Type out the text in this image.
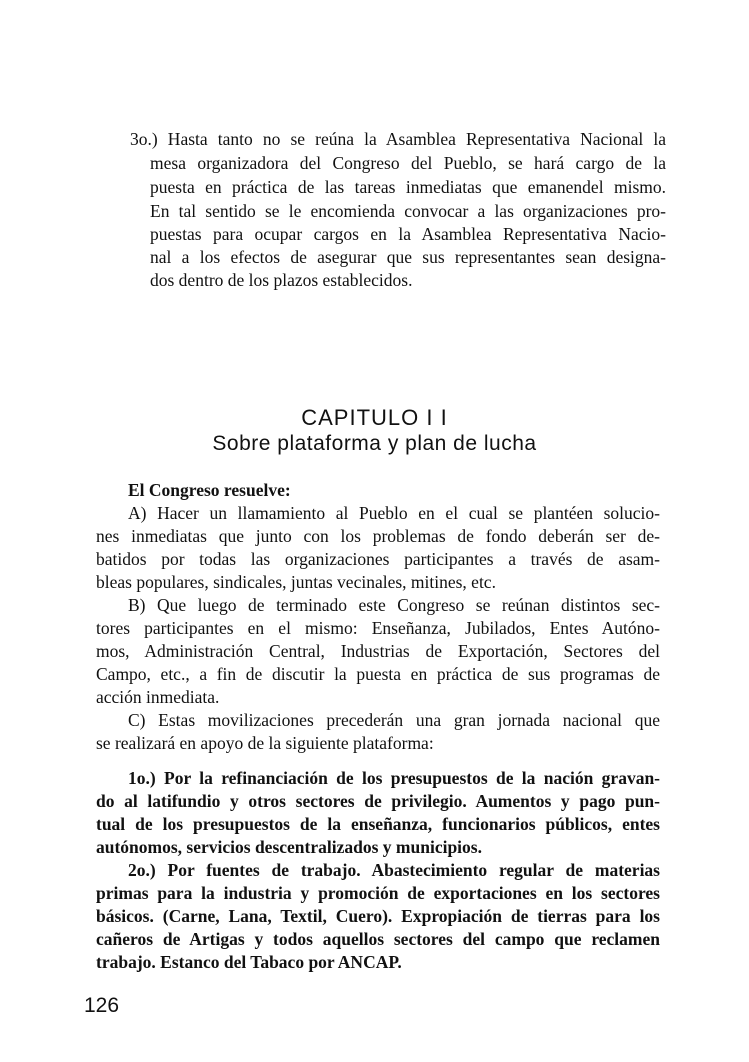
3o.) Hasta tanto no se reúna la Asamblea Representativa Nacional la
mesa organizadora del Congreso del Pueblo, se hará cargo de la
puesta en práctica de las tareas inmediatas que emanendel mismo.
En tal sentido se le encomienda convocar a las organizaciones pro-
puestas para ocupar cargos en la Asamblea Representativa Nacio-
nal a los efectos de asegurar que sus representantes sean designa-
dos dentro de los plazos establecidos.
CAPITULO I I
Sobre plataforma y plan de lucha
El Congreso resuelve:
A) Hacer un llamamiento al Pueblo en el cual se plantéen solucio-
nes inmediatas que junto con los problemas de fondo deberán ser de-
batidos por todas las organizaciones participantes a través de asam-
bleas populares, sindicales, juntas vecinales, mitines, etc.
B) Que luego de terminado este Congreso se reúnan distintos sec-
tores participantes en el mismo: Enseñanza, Jubilados, Entes Autóno-
mos, Administración Central, Industrias de Exportación, Sectores del
Campo, etc., a fin de discutir la puesta en práctica de sus programas de
acción inmediata.
C) Estas movilizaciones precederán una gran jornada nacional que
se realizará en apoyo de la siguiente plataforma:
1o.) Por la refinanciación de los presupuestos de la nación gravan-
do al latifundio y otros sectores de privilegio. Aumentos y pago pun-
tual de los presupuestos de la enseñanza, funcionarios públicos, entes
autónomos, servicios descentralizados y municipios.
2o.) Por fuentes de trabajo. Abastecimiento regular de materias
primas para la industria y promoción de exportaciones en los sectores
básicos. (Carne, Lana, Textil, Cuero). Expropiación de tierras para los
cañeros de Artigas y todos aquellos sectores del campo que reclamen
trabajo. Estanco del Tabaco por ANCAP.
126
